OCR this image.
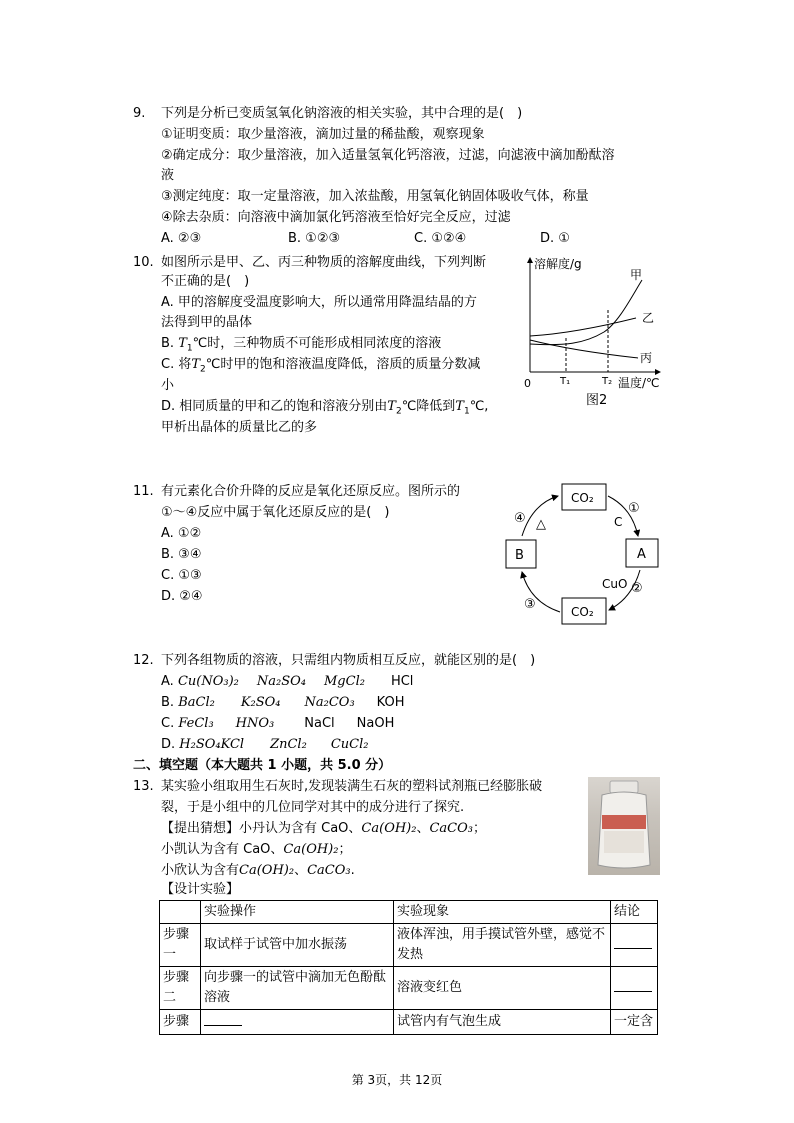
9. 下列是分析已变质氢氧化钠溶液的相关实验，其中合理的是(　)
①证明变质：取少量溶液，滴加过量的稀盐酸，观察现象
②确定成分：取少量溶液，加入适量氢氧化钙溶液，过滤，向滤液中滴加酚酞溶
液
③测定纯度：取一定量溶液，加入浓盐酸，用氢氧化钠固体吸收气体，称量
④除去杂质：向溶液中滴加氯化钙溶液至恰好完全反应，过滤
A. ②③	B. ①②③	C. ①②④	D. ①
10. 如图所示是甲、乙、丙三种物质的溶解度曲线，下列判断
不正确的是(　)
A. 甲的溶解度受温度影响大，所以通常用降温结晶的方
法得到甲的晶体
B. $T_1℃$时，三种物质不可能形成相同浓度的溶液
C. 将$T_2℃$时甲的饱和溶液温度降低，溶质的质量分数减
小
D. 相同质量的甲和乙的饱和溶液分别由$T_2℃$降低到$T_1℃$,
甲析出晶体的质量比乙的多
溶解度/g
0	T₁	T₂ 温度/℃
甲
乙
丙
图2
11. 有元素化合价升降的反应是氧化还原反应。图所示的
①～④反应中属于氧化还原反应的是(　)
A. ①②
B. ③④
C. ①③
D. ②④
CO₂
CO₂
A
B
①
C
CuO ②
③
④ △
12. 下列各组物质的溶液，只需组内物质相互反应，就能区别的是(　)
A. Cu(NO₃)₂ Na₂SO₄ MgCl₂ HCl
B. BaCl₂ K₂SO₄ Na₂CO₃ KOH
C. FeCl₃ HNO₃ NaCl NaOH
D. H₂SO₄KCl ZnCl₂ CuCl₂
二、填空题（本大题共 1 小题，共 5.0 分）
13. 某实验小组取用生石灰时,发现装满生石灰的塑料试剂瓶已经膨胀破
裂，于是小组中的几位同学对其中的成分进行了探究.
【提出猜想】小丹认为含有 CaO、Ca(OH)₂、CaCO₃；
小凯认为含有 CaO、Ca(OH)₂；
小欣认为含有Ca(OH)₂、CaCO₃.
【设计实验】
	实验操作	实验现象	结论
步骤一	取试样于试管中加水振荡	液体浑浊，用手摸试管外壁，感觉不发热	
步骤二	向步骤一的试管中滴加无色酚酞溶液	溶液变红色	
步骤		试管内有气泡生成	一定含
第 3页，共 12页
